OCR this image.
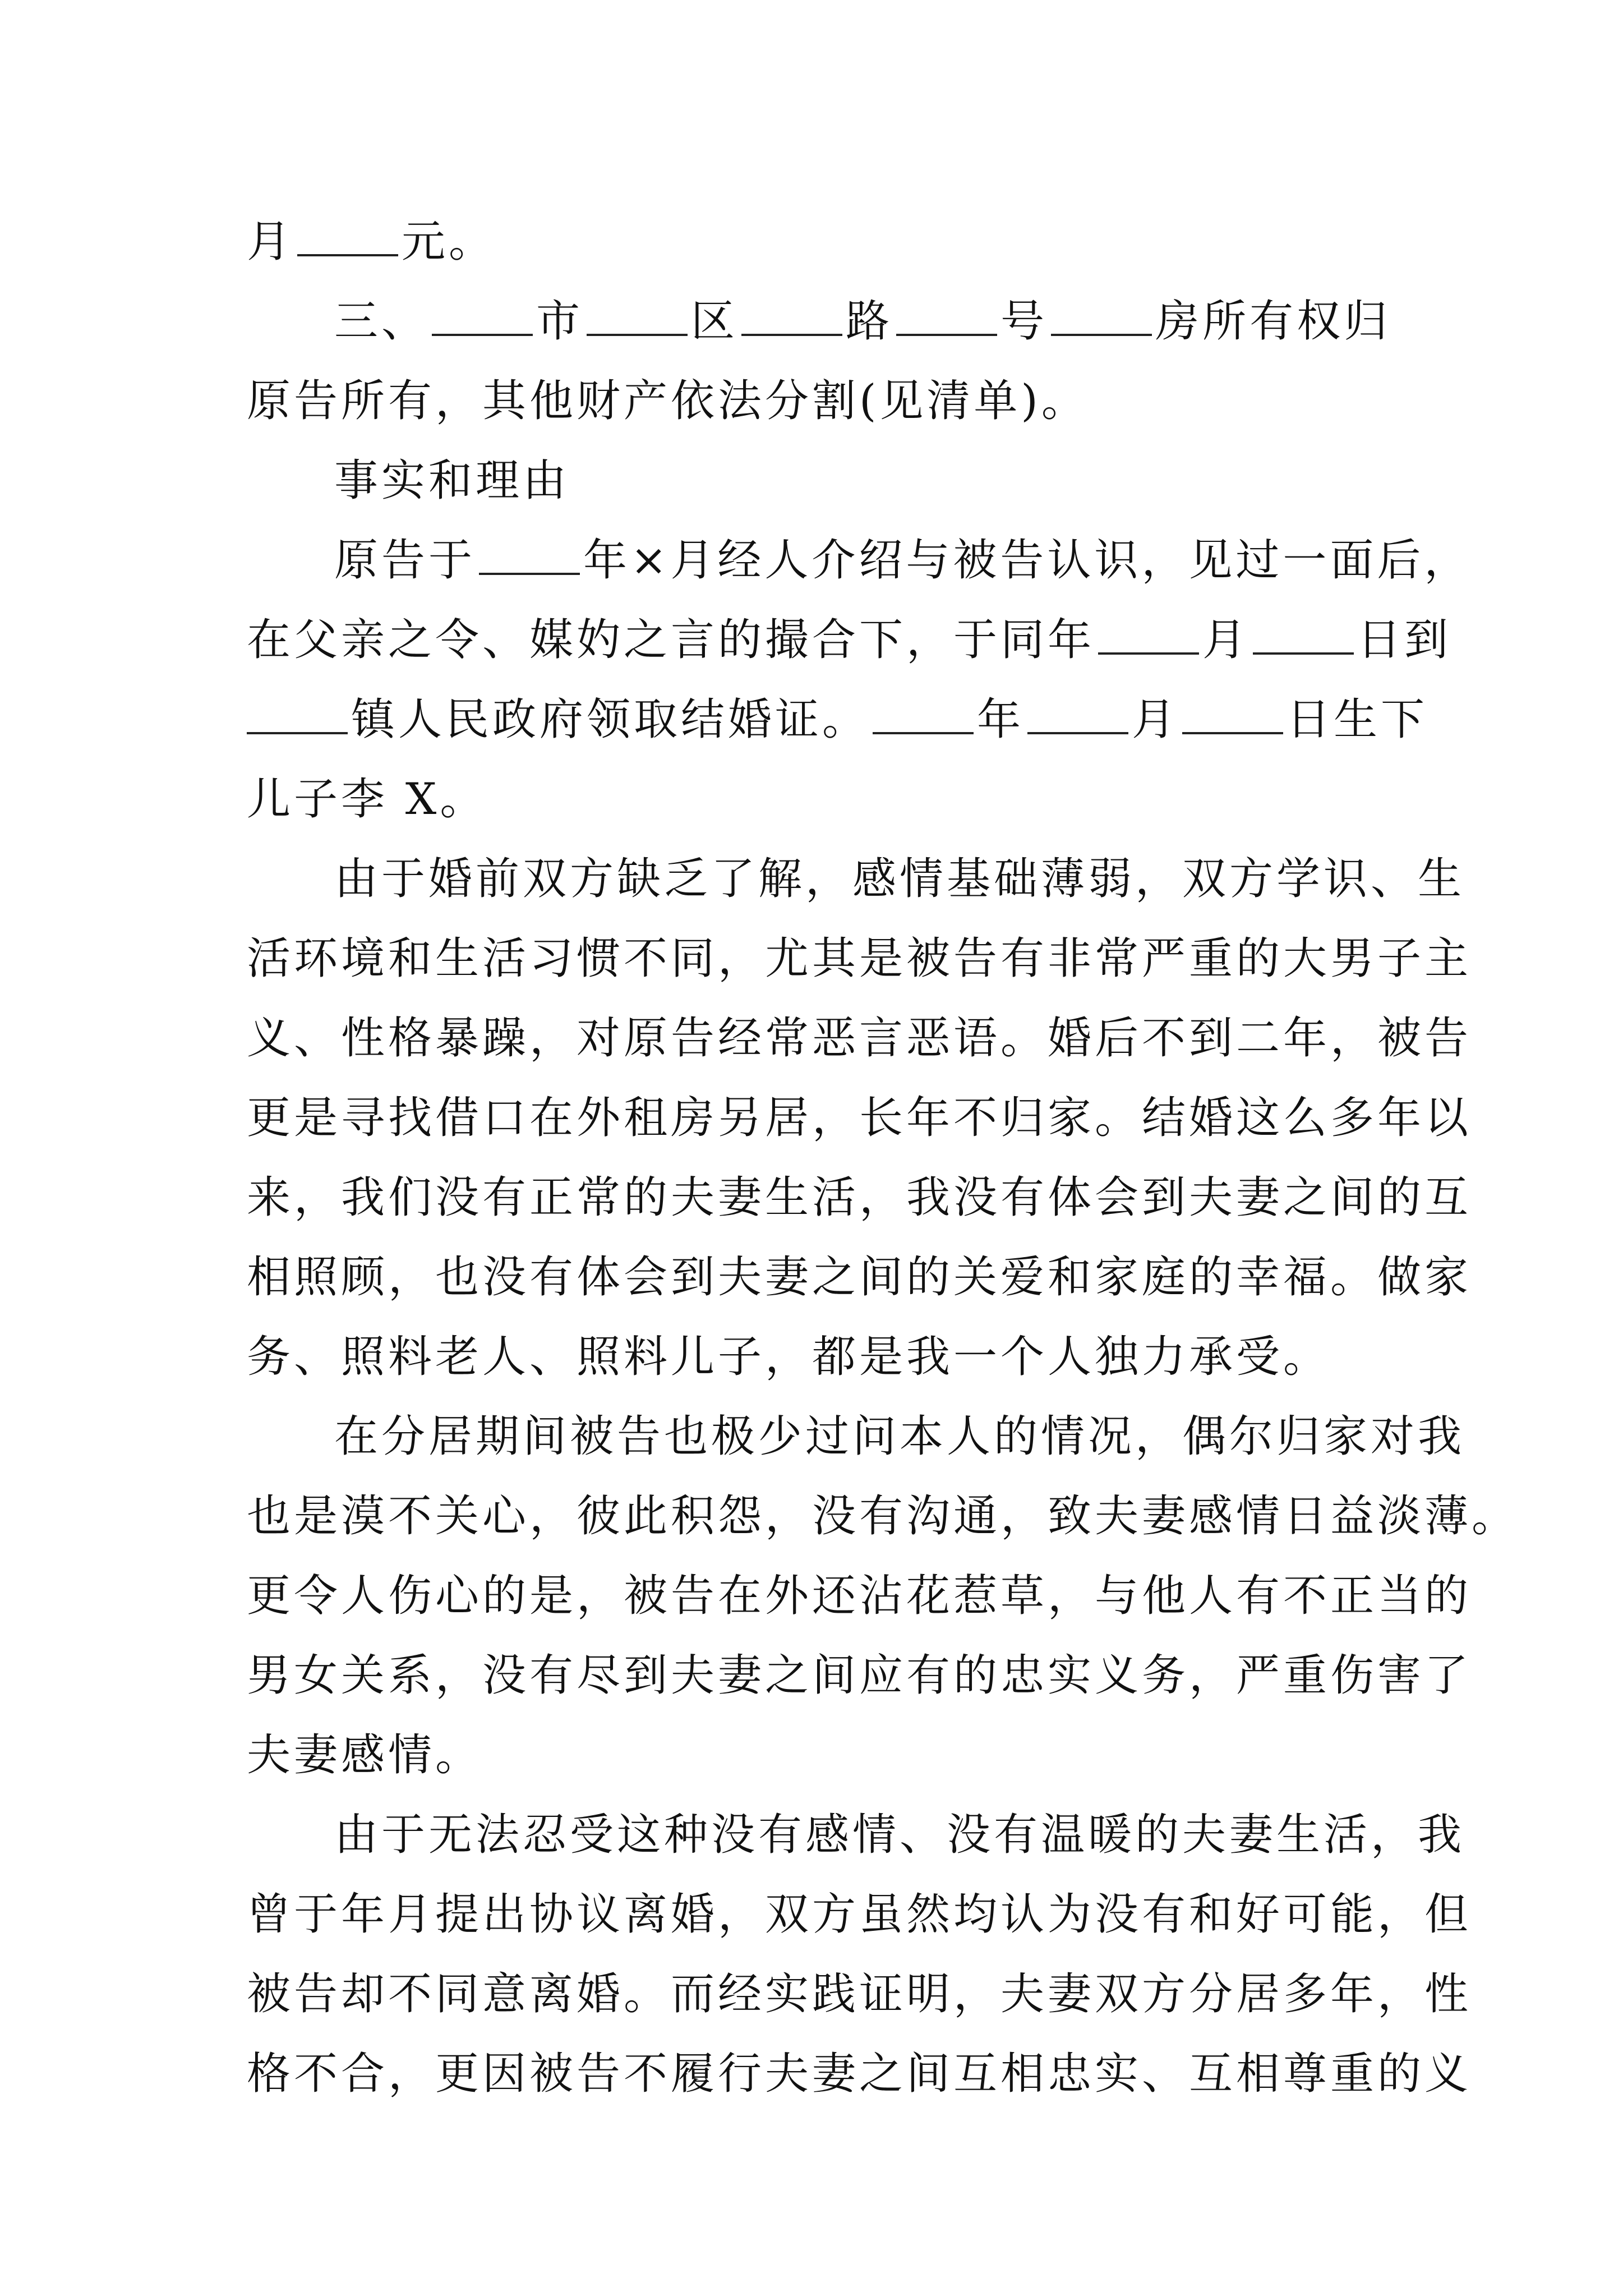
月 元。
三、 市 区 路 号 房所有权归
原告所有，其他财产依法分割(见清单)。
事实和理由
原告于 年×月经人介绍与被告认识，见过一面后，
在父亲之令、媒妁之言的撮合下，于同年 月 日到
镇人民政府领取结婚证。 年 月 日生下
儿子李 X。
由于婚前双方缺乏了解，感情基础薄弱，双方学识、生
活环境和生活习惯不同，尤其是被告有非常严重的大男子主
义、性格暴躁，对原告经常恶言恶语。婚后不到二年，被告
更是寻找借口在外租房另居，长年不归家。结婚这么多年以
来，我们没有正常的夫妻生活，我没有体会到夫妻之间的互
相照顾，也没有体会到夫妻之间的关爱和家庭的幸福。做家
务、照料老人、照料儿子，都是我一个人独力承受。
在分居期间被告也极少过问本人的情况，偶尔归家对我
也是漠不关心，彼此积怨，没有沟通，致夫妻感情日益淡薄。
更令人伤心的是，被告在外还沾花惹草，与他人有不正当的
男女关系，没有尽到夫妻之间应有的忠实义务，严重伤害了
夫妻感情。
由于无法忍受这种没有感情、没有温暖的夫妻生活，我
曾于年月提出协议离婚，双方虽然均认为没有和好可能，但
被告却不同意离婚。而经实践证明，夫妻双方分居多年，性
格不合，更因被告不履行夫妻之间互相忠实、互相尊重的义
